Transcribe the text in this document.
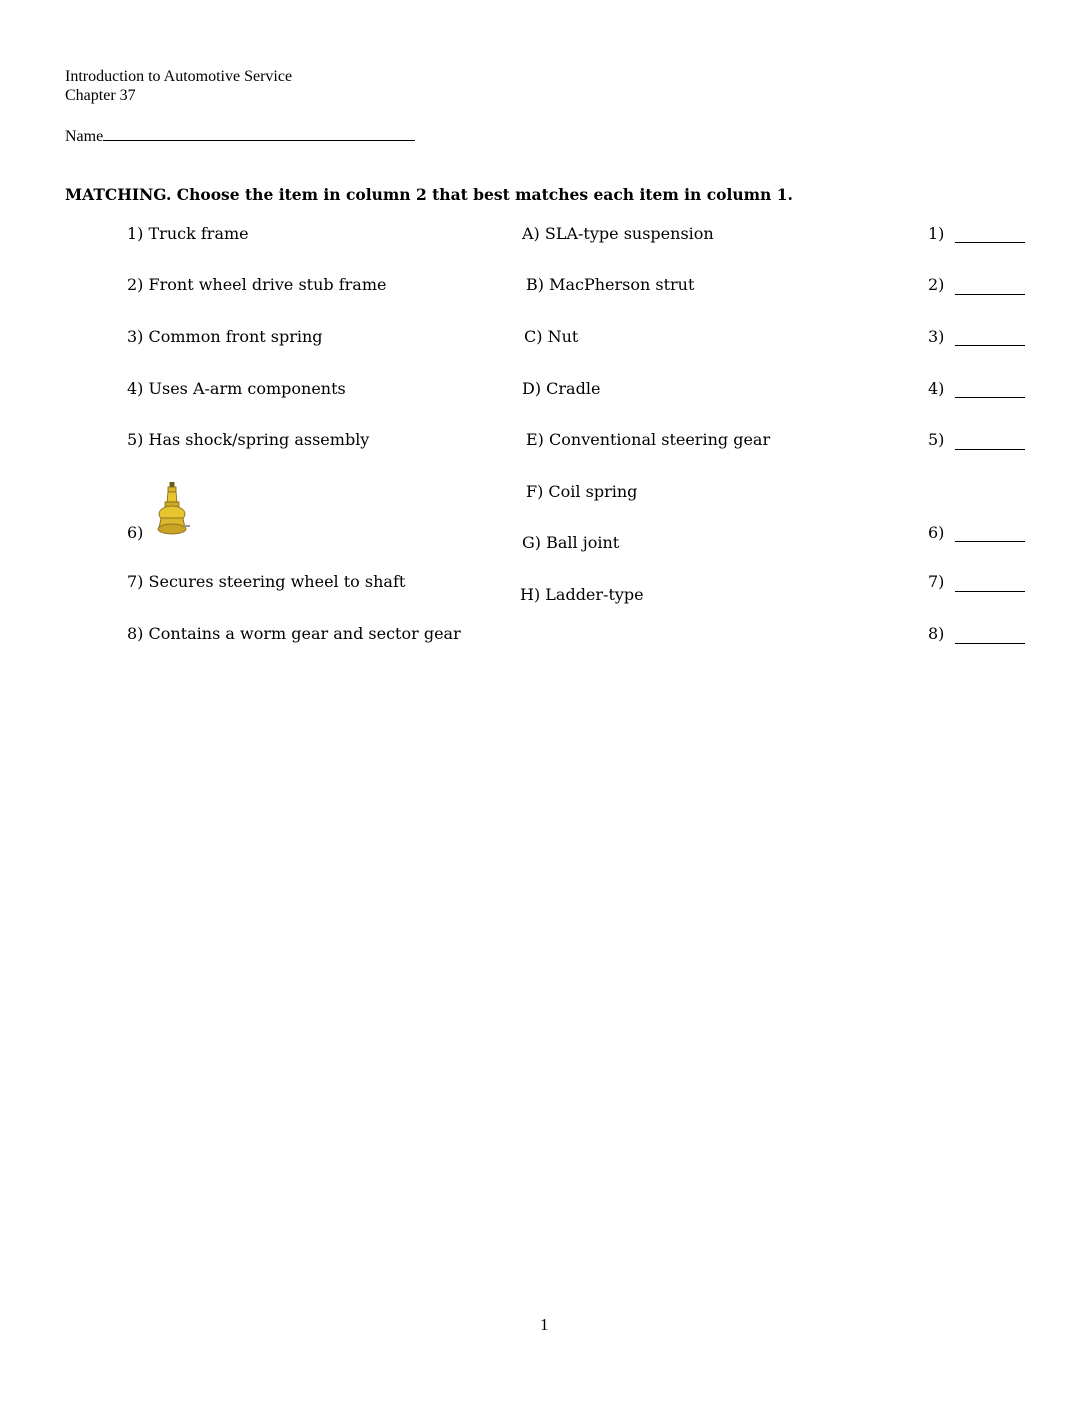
Introduction to Automotive Service
Chapter 37
Name
MATCHING. Choose the item in column 2 that best matches each item in column 1.
1) Truck frame
2) Front wheel drive stub frame
3) Common front spring
4) Uses A-arm components
5) Has shock/spring assembly
6)
7) Secures steering wheel to shaft
8) Contains a worm gear and sector gear
A) SLA-type suspension
B) MacPherson strut
C) Nut
D) Cradle
E) Conventional steering gear
F) Coil spring
G) Ball joint
H) Ladder-type
1)
2)
3)
4)
5)
6)
7)
8)
1
